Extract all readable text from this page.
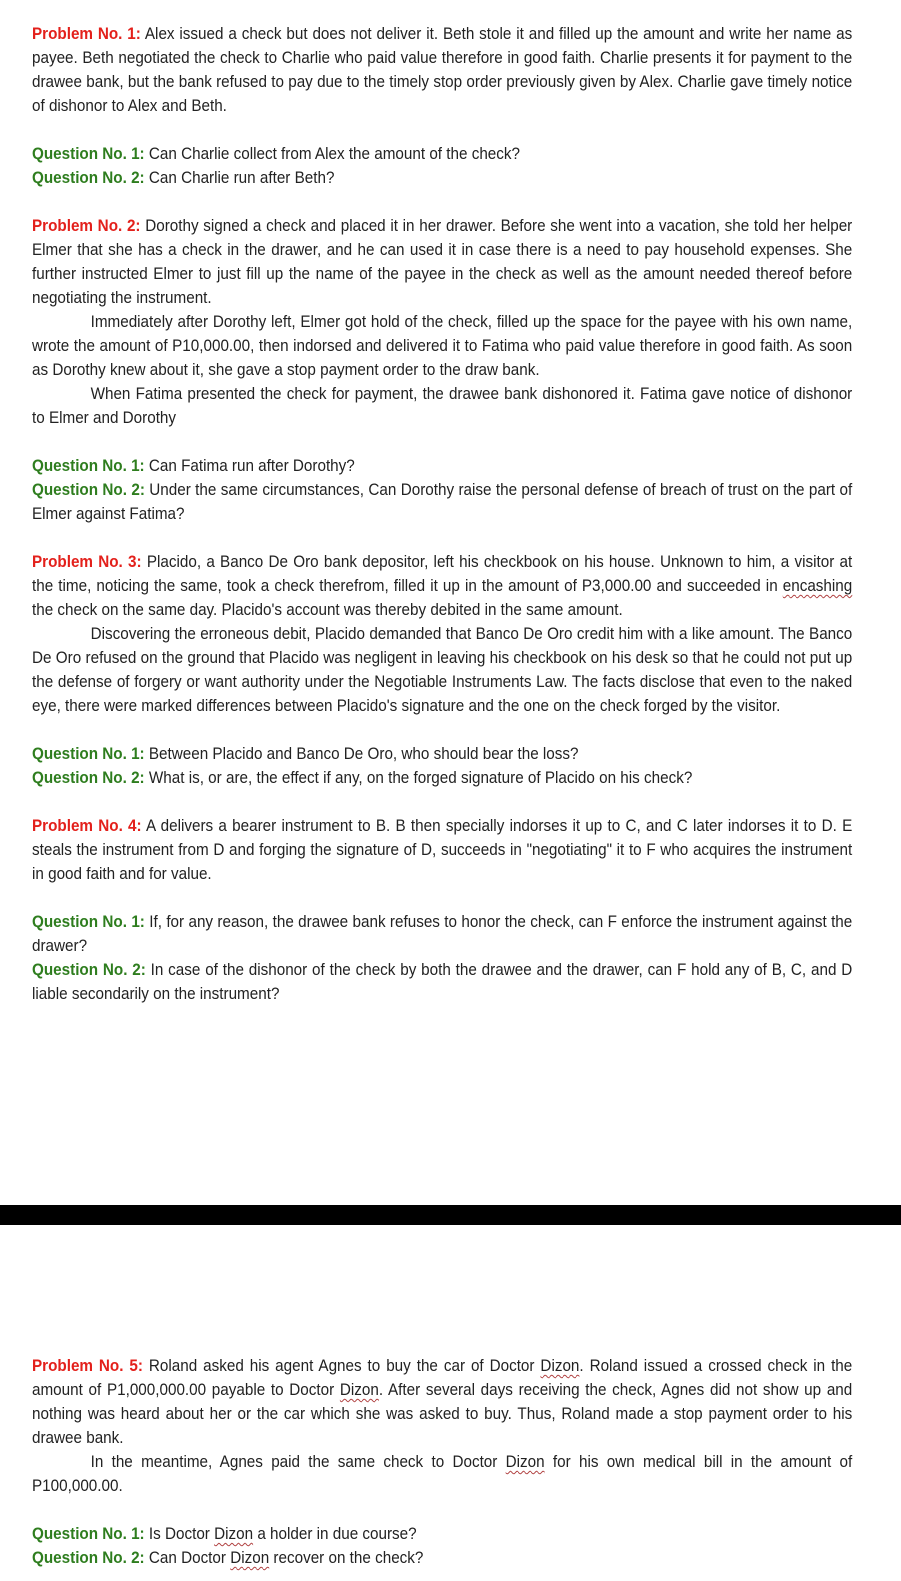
Problem No. 1: Alex issued a check but does not deliver it. Beth stole it and filled up the amount and write her name as payee. Beth negotiated the check to Charlie who paid value therefore in good faith. Charlie presents it for payment to the drawee bank, but the bank refused to pay due to the timely stop order previously given by Alex. Charlie gave timely notice of dishonor to Alex and Beth.

Question No. 1: Can Charlie collect from Alex the amount of the check?

Question No. 2: Can Charlie run after Beth?

Problem No. 2: Dorothy signed a check and placed it in her drawer. Before she went into a vacation, she told her helper Elmer that she has a check in the drawer, and he can used it in case there is a need to pay household expenses. She further instructed Elmer to just fill up the name of the payee in the check as well as the amount needed thereof before negotiating the instrument.

Immediately after Dorothy left, Elmer got hold of the check, filled up the space for the payee with his own name, wrote the amount of P10,000.00, then indorsed and delivered it to Fatima who paid value therefore in good faith. As soon as Dorothy knew about it, she gave a stop payment order to the draw bank.

When Fatima presented the check for payment, the drawee bank dishonored it. Fatima gave notice of dishonor to Elmer and Dorothy

Question No. 1: Can Fatima run after Dorothy?

Question No. 2: Under the same circumstances, Can Dorothy raise the personal defense of breach of trust on the part of Elmer against Fatima?

Problem No. 3: Placido, a Banco De Oro bank depositor, left his checkbook on his house. Unknown to him, a visitor at the time, noticing the same, took a check therefrom, filled it up in the amount of P3,000.00 and succeeded in encashing the check on the same day. Placido's account was thereby debited in the same amount.

Discovering the erroneous debit, Placido demanded that Banco De Oro credit him with a like amount. The Banco De Oro refused on the ground that Placido was negligent in leaving his checkbook on his desk so that he could not put up the defense of forgery or want authority under the Negotiable Instruments Law. The facts disclose that even to the naked eye, there were marked differences between Placido's signature and the one on the check forged by the visitor.

Question No. 1: Between Placido and Banco De Oro, who should bear the loss?

Question No. 2: What is, or are, the effect if any, on the forged signature of Placido on his check?

Problem No. 4: A delivers a bearer instrument to B. B then specially indorses it up to C, and C later indorses it to D. E steals the instrument from D and forging the signature of D, succeeds in "negotiating" it to F who acquires the instrument in good faith and for value.

Question No. 1: If, for any reason, the drawee bank refuses to honor the check, can F enforce the instrument against the drawer?

Question No. 2: In case of the dishonor of the check by both the drawee and the drawer, can F hold any of B, C, and D liable secondarily on the instrument?

Problem No. 5: Roland asked his agent Agnes to buy the car of Doctor Dizon. Roland issued a crossed check in the amount of P1,000,000.00 payable to Doctor Dizon. After several days receiving the check, Agnes did not show up and nothing was heard about her or the car which she was asked to buy. Thus, Roland made a stop payment order to his drawee bank.

In the meantime, Agnes paid the same check to Doctor Dizon for his own medical bill in the amount of P100,000.00.

Question No. 1: Is Doctor Dizon a holder in due course?

Question No. 2: Can Doctor Dizon recover on the check?
